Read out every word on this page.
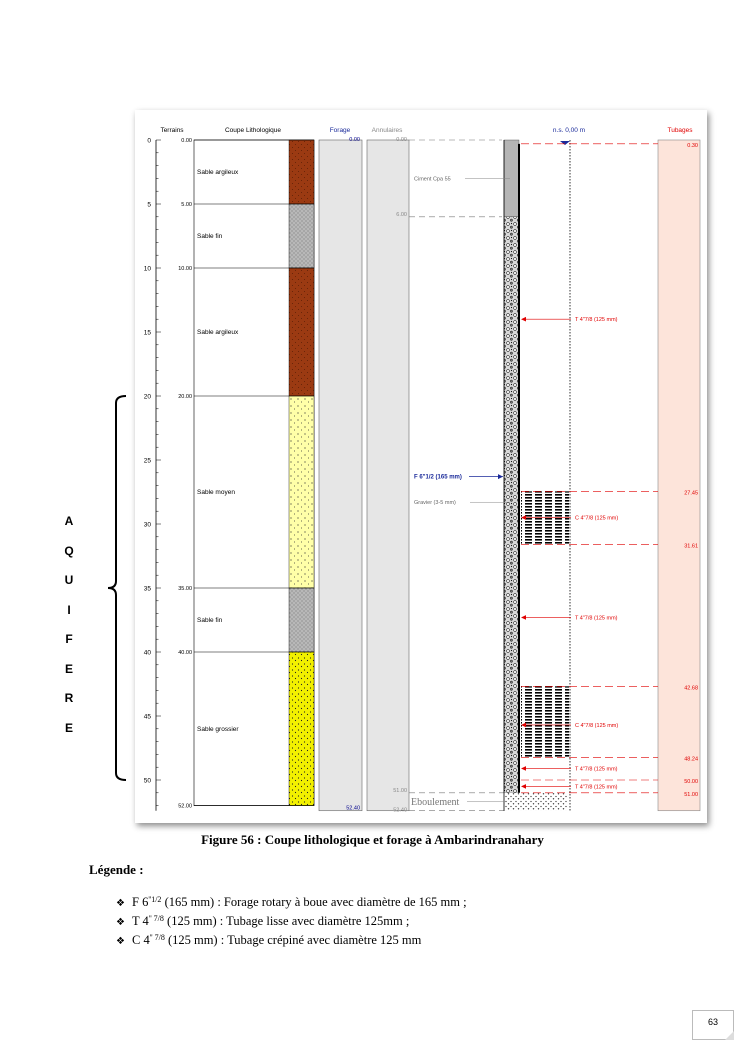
Terrains	Coupe Lithologique	Forage	Annulaires	n.s. 0,00 m	Tubages
0
5
10
15
20
25
30
35
40
45
50
0.00
Sable argileux
5.00
Sable fin
10.00
Sable argileux
20.00
Sable moyen
35.00
Sable fin
40.00
Sable grossier
52.00
0.00
52.40
0.00
6.00
51.00
52.40
Ciment Cpa 55
Gravier (3-5 mm)
F 6"1/2 (165 mm)
Eboulement
T 4"7/8 (125 mm)
C 4"7/8 (125 mm)
T 4"7/8 (125 mm)
C 4"7/8 (125 mm)
T 4"7/8 (125 mm)
T 4"7/8 (125 mm)
0.30
27.45
31.61
42.68
48.24
50.00
51.00
A
Q
U
I
F
E
R
E
Figure 56 : Coupe lithologique et forage à Ambarindranahary
Légende :
❖ F $6^{''1/2}$ (165 mm) : Forage rotary à boue avec diamètre de 165 mm ;
❖ T $4^{'' 7/8}$ (125 mm) : Tubage lisse avec diamètre 125mm ;
❖ C $4^{'' 7/8}$ (125 mm) : Tubage crépiné avec diamètre 125 mm
63
